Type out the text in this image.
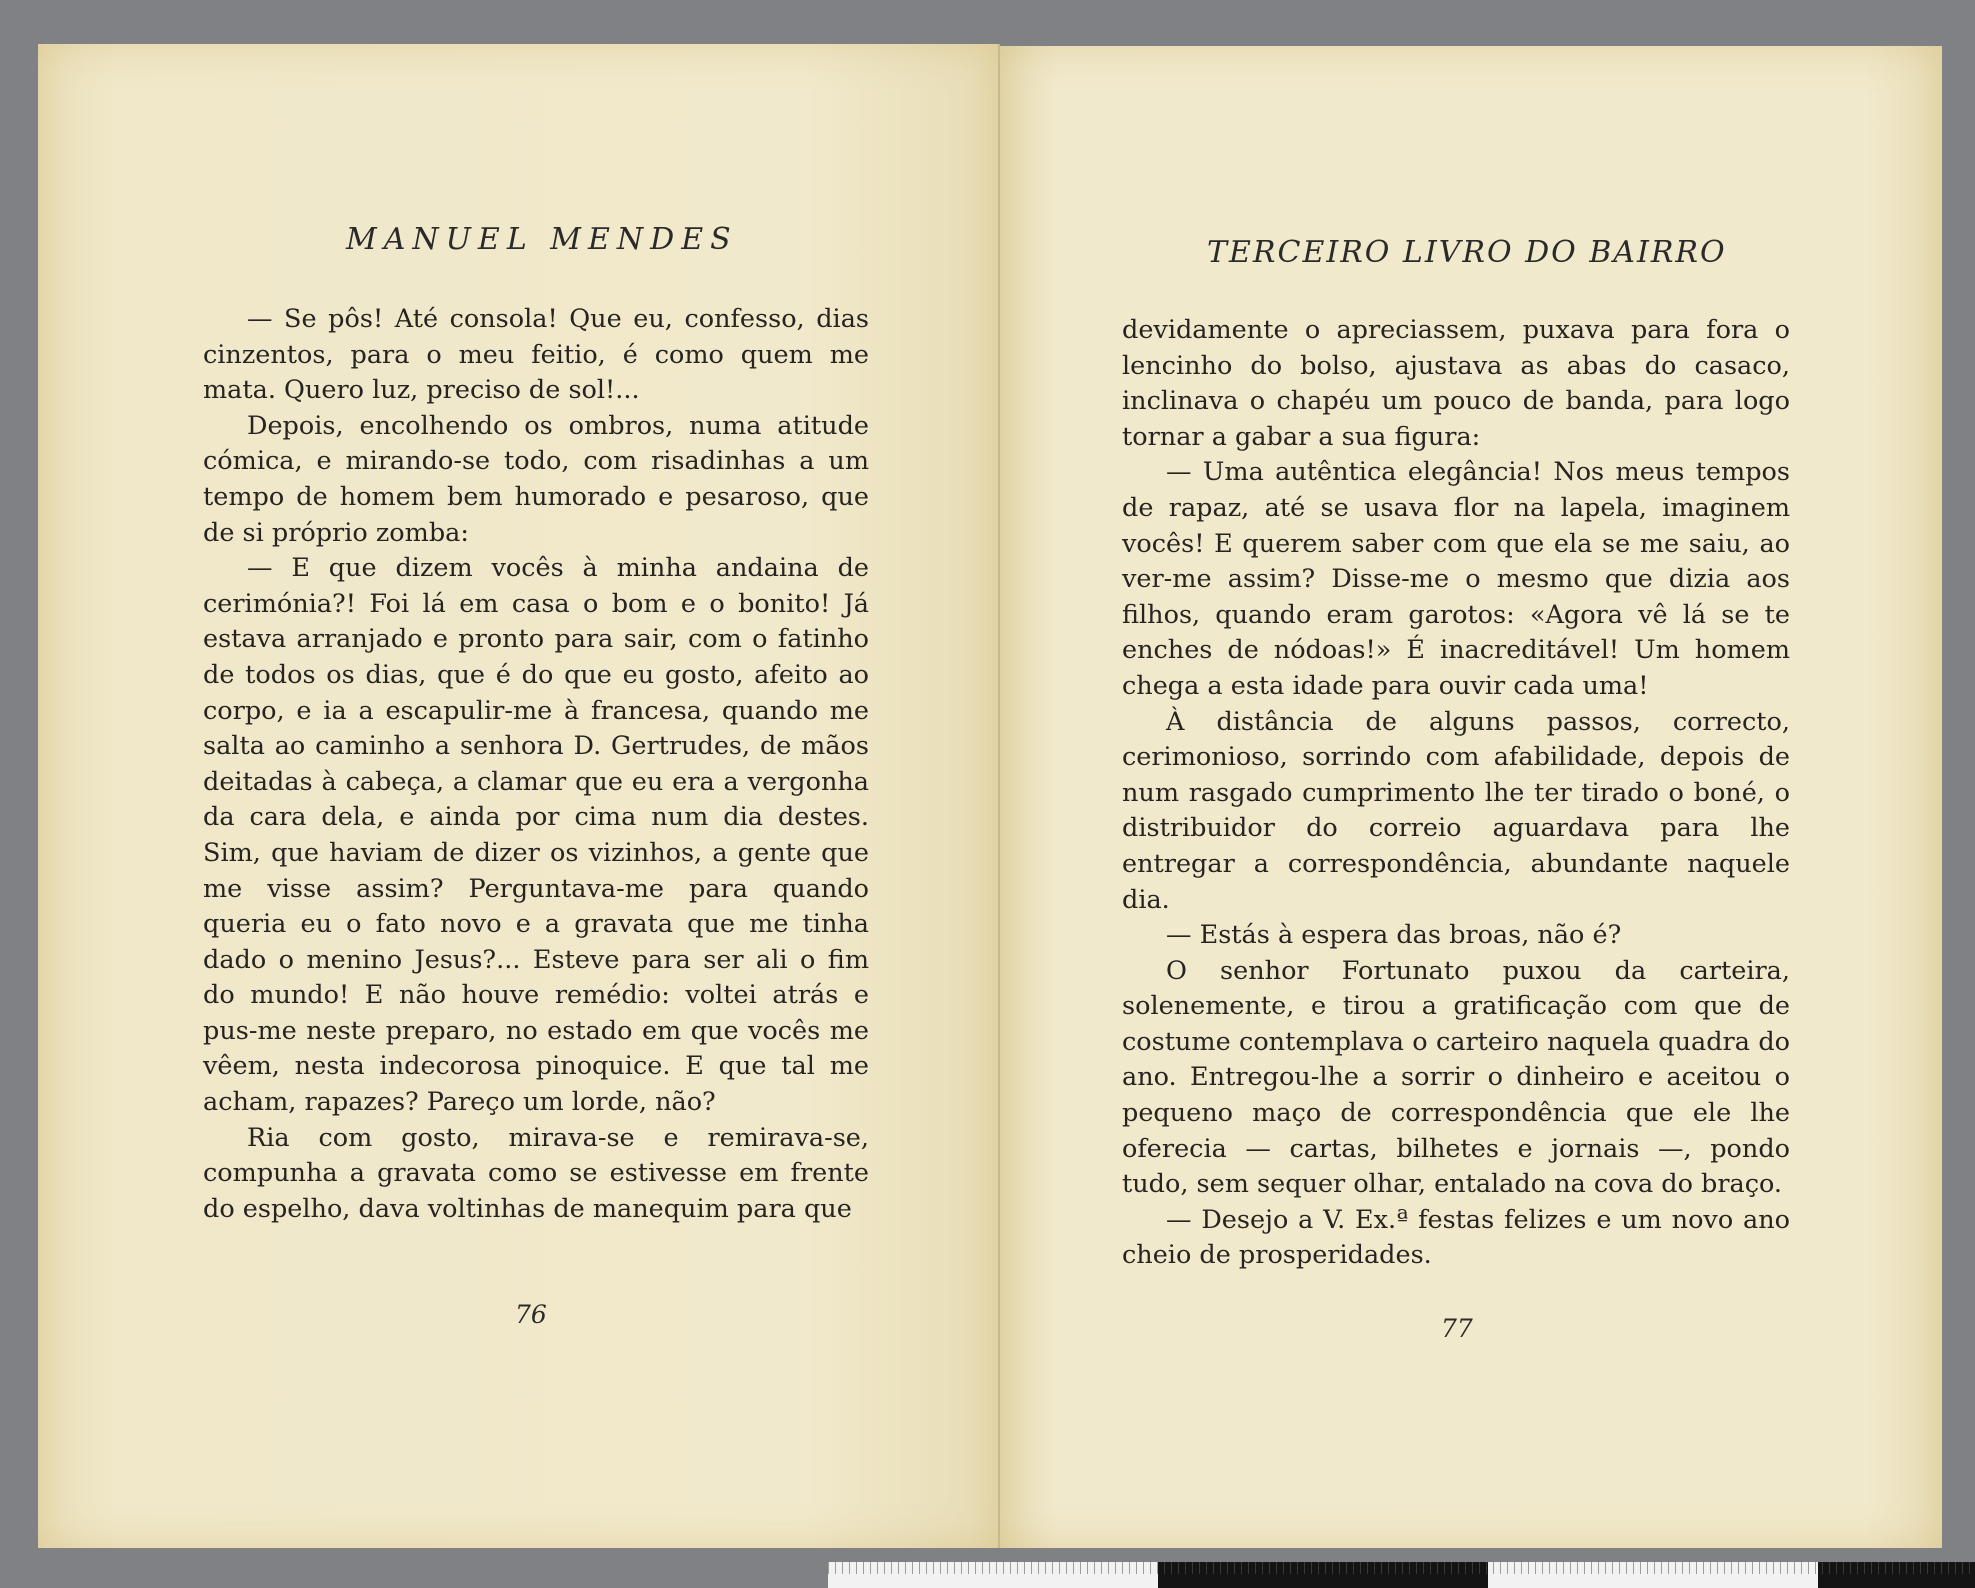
MANUEL MENDES	TERCEIRO LIVRO DO BAIRRO

— Se pôs! Até consola! Que eu, confesso, dias cinzentos, para o meu feitio, é como quem me mata. Quero luz, preciso de sol!...

Depois, encolhendo os ombros, numa atitude cómica, e mirando-se todo, com risadinhas a um tempo de homem bem humorado e pesaroso, que de si próprio zomba:

— E que dizem vocês à minha andaina de cerimónia?! Foi lá em casa o bom e o bonito! Já estava arranjado e pronto para sair, com o fatinho de todos os dias, que é do que eu gosto, afeito ao corpo, e ia a escapulir-me à francesa, quando me salta ao caminho a senhora D. Gertrudes, de mãos deitadas à cabeça, a clamar que eu era a vergonha da cara dela, e ainda por cima num dia destes. Sim, que haviam de dizer os vizinhos, a gente que me visse assim? Perguntava-me para quando queria eu o fato novo e a gravata que me tinha dado o menino Jesus?... Esteve para ser ali o fim do mundo! E não houve remédio: voltei atrás e pus-me neste preparo, no estado em que vocês me vêem, nesta indecorosa pinoquice. E que tal me acham, rapazes? Pareço um lorde, não?

Ria com gosto, mirava-se e remirava-se, compunha a gravata como se estivesse em frente do espelho, dava voltinhas de manequim para que

devidamente o apreciassem, puxava para fora o lencinho do bolso, ajustava as abas do casaco, inclinava o chapéu um pouco de banda, para logo tornar a gabar a sua figura:

— Uma autêntica elegância! Nos meus tempos de rapaz, até se usava flor na lapela, imaginem vocês! E querem saber com que ela se me saiu, ao ver-me assim? Disse-me o mesmo que dizia aos filhos, quando eram garotos: «Agora vê lá se te enches de nódoas!» É inacreditável! Um homem chega a esta idade para ouvir cada uma!

À distância de alguns passos, correcto, cerimonioso, sorrindo com afabilidade, depois de num rasgado cumprimento lhe ter tirado o boné, o distribuidor do correio aguardava para lhe entregar a correspondência, abundante naquele dia.

— Estás à espera das broas, não é?

O senhor Fortunato puxou da carteira, solenemente, e tirou a gratificação com que de costume contemplava o carteiro naquela quadra do ano. Entregou-lhe a sorrir o dinheiro e aceitou o pequeno maço de correspondência que ele lhe oferecia — cartas, bilhetes e jornais —, pondo tudo, sem sequer olhar, entalado na cova do braço.

— Desejo a V. Ex.ª festas felizes e um novo ano cheio de prosperidades.

76	77
